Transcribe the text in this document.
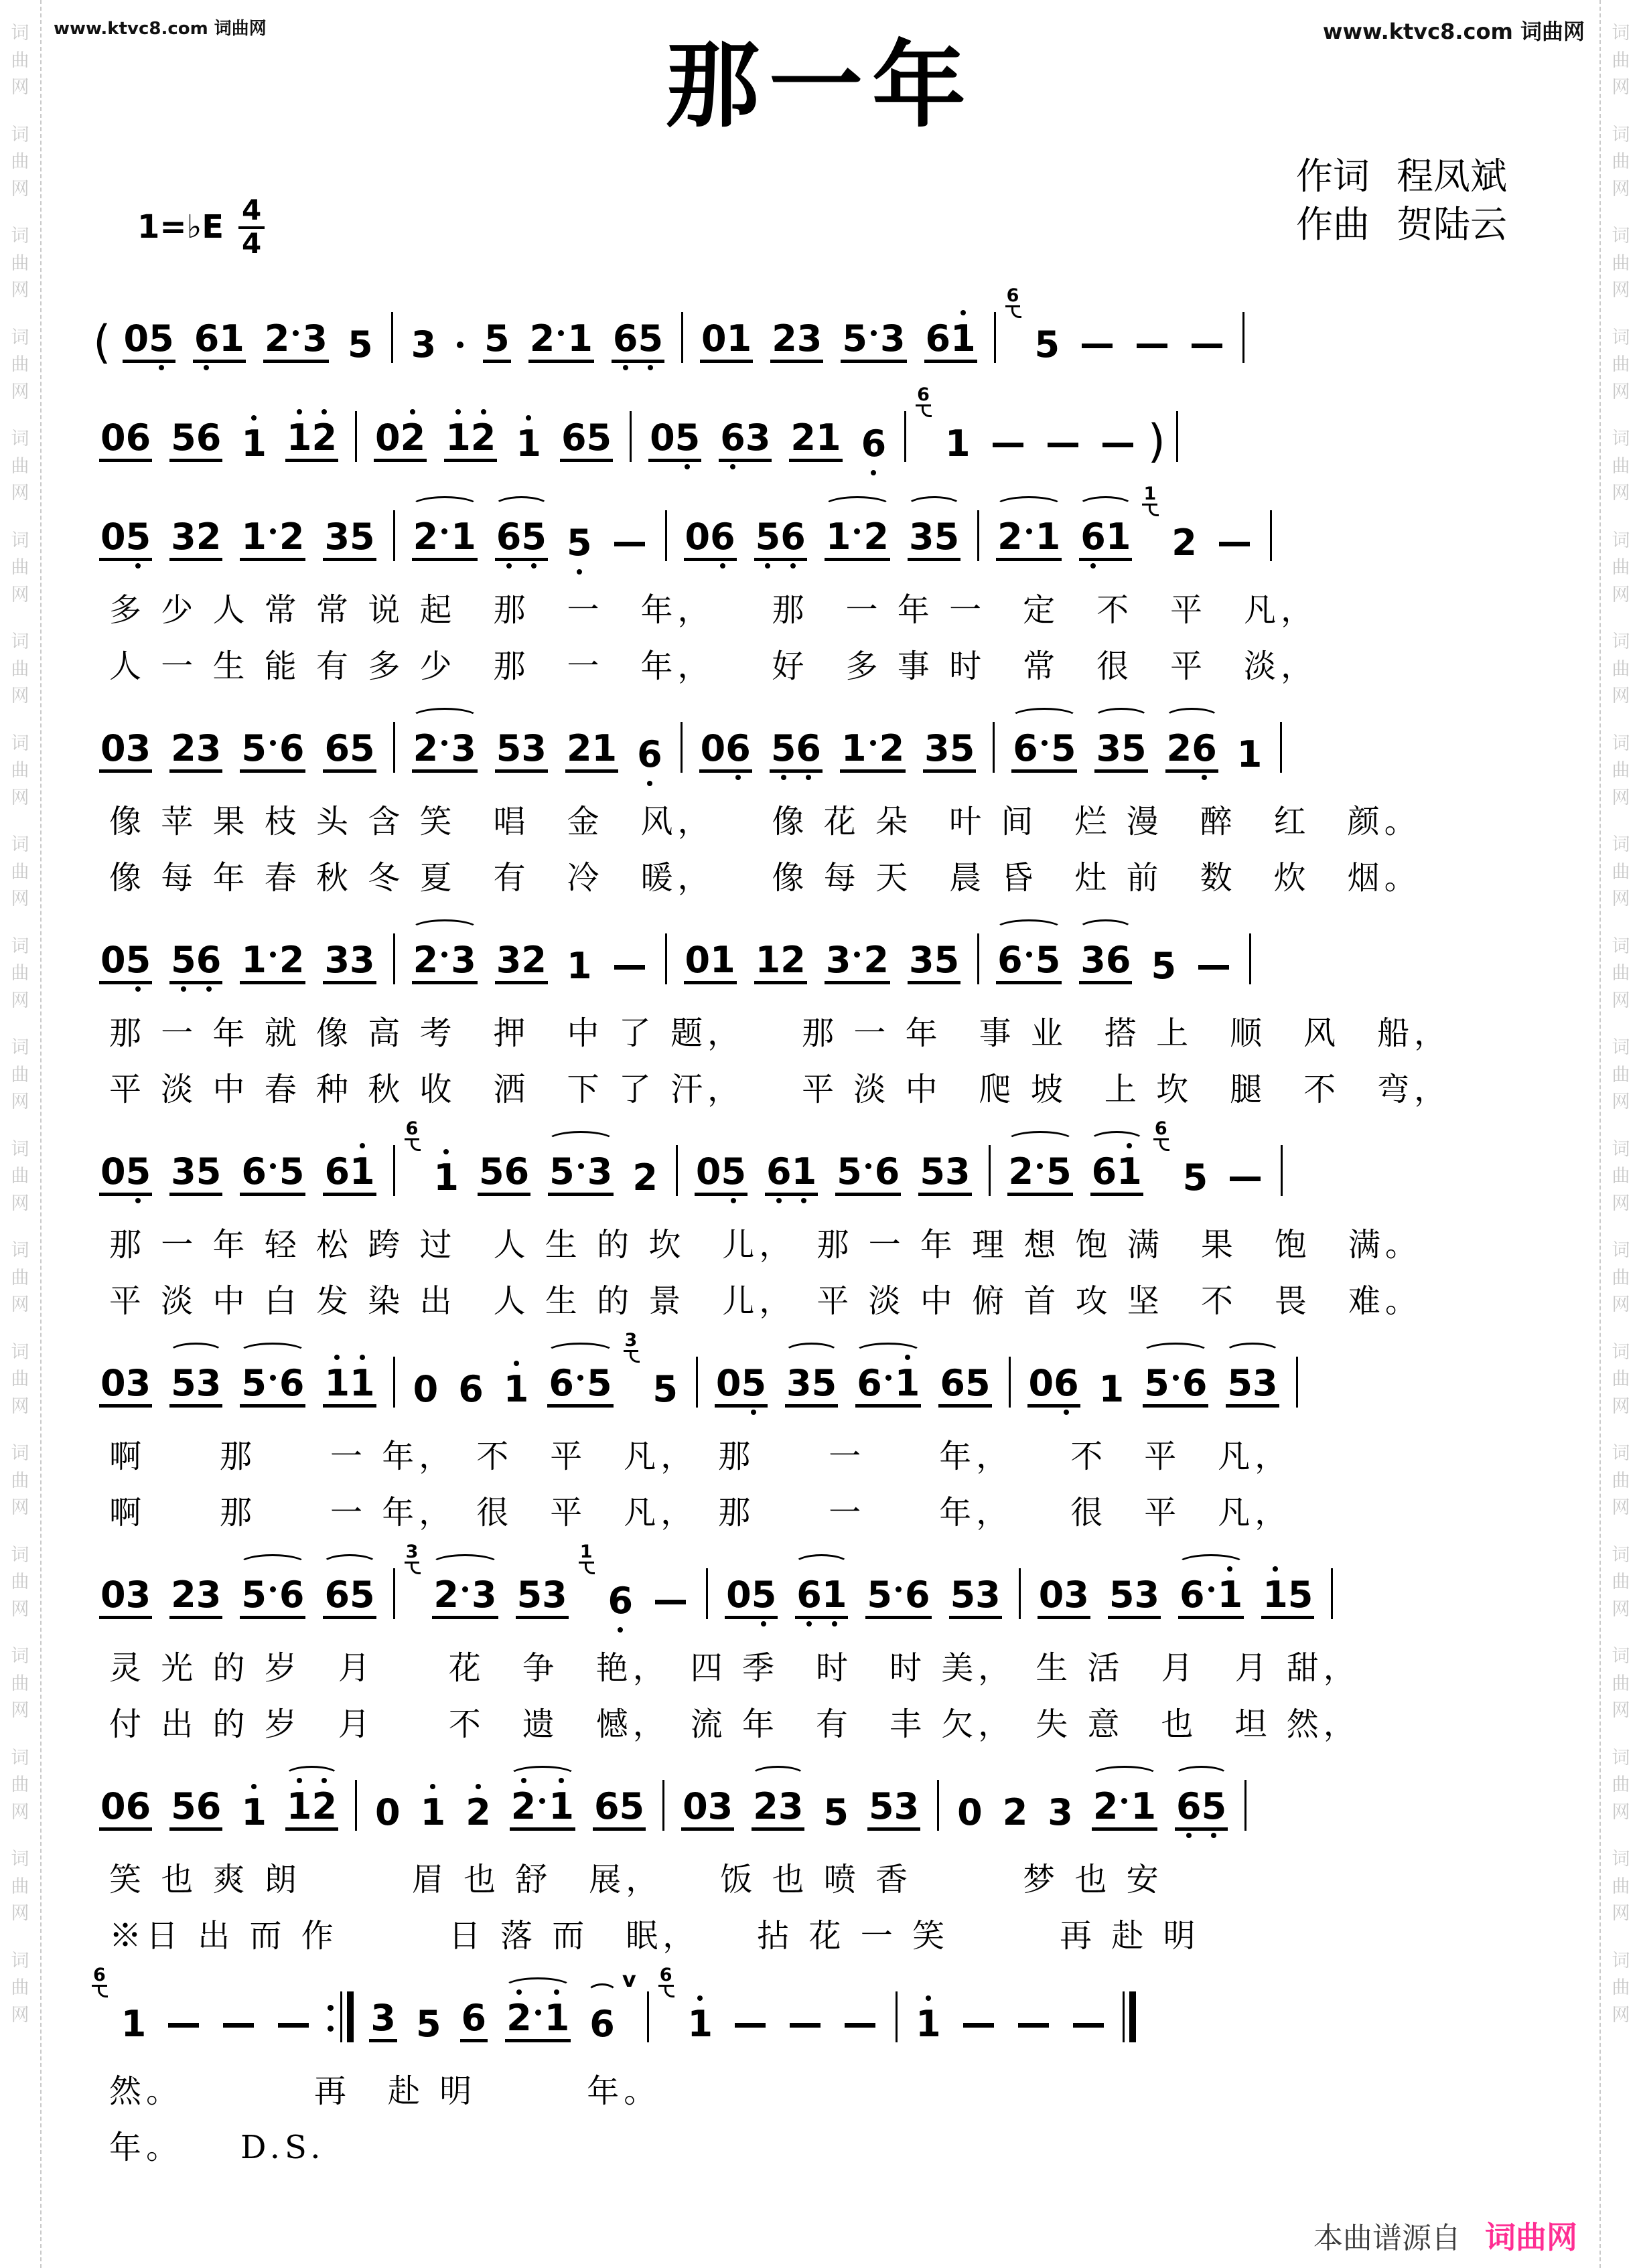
词
曲
网
词
曲
网
词
曲
网
词
曲
网
词
曲
网
词
曲
网
词
曲
网
词
曲
网
词
曲
网
词
曲
网
词
曲
网
词
曲
网
词
曲
网
词
曲
网
词
曲
网
词
曲
网
词
曲
网
词
曲
网
词
曲
网
词
曲
网
词
曲
网
词
曲
网
词
曲
网
词
曲
网
词
曲
网
词
曲
网
词
曲
网
词
曲
网
词
曲
网
词
曲
网
词
曲
网
词
曲
网
词
曲
网
词
曲
网
词
曲
网
词
曲
网
词
曲
网
词
曲
网
词
曲
网
词
曲
网
www.ktvc8.com 词曲网	www.ktvc8.com 词曲网
那一年
作词 程凤斌
作曲 贺陆云
1=♭E $\frac{4}{4}$
( 0 5 6 1 2 3 5 3 5 2 1 6 5 0 1 2 3 5 3 6 1
6
5
0 6 5 6 1 1 2 0 2 1 2 1 6 5 0 5 6 3 2 1 6
6
1	)
0 5 3 2 1 2 3 5 2 1 6 5 5	0 6 5 6 1 2 3 5 2 1 6 1
1
2
多 少 人 常 常 说 起　那　一　年，　　那　一 年 一　定　不　平　凡，
人 一 生 能 有 多 少　那　一　年，　　好　多 事 时　常　很　平　淡，
0 3 2 3 5 6 6 5 2 3 5 3 2 1 6 0 6 5 6 1 2 3 5 6 5 3 5 2 6 1
像 苹 果 枝 头 含 笑　唱　金　风，　　像 花 朵　叶 间　烂 漫　醉　红　颜。
像 每 年 春 秋 冬 夏　有　冷　暖，　　像 每 天　晨 昏　灶 前　数　炊　烟。
0 5 5 6 1 2 3 3 2 3 3 2 1	0 1 1 2 3 2 3 5 6 5 3 6 5
那 一 年 就 像 高 考　押　中 了 题，　　那 一 年　事 业　搭 上　顺　风　船，
平 淡 中 春 种 秋 收　洒　下 了 汗，　　平 淡 中　爬 坡　上 坎　腿　不　弯，
0 5 3 5 6 5 6 1
6
1 5 6 5 3 2 0 5 6 1 5 6 5 3 2 5 6 1
6
5
那 一 年 轻 松 跨 过　人 生 的 坎　儿，　那 一 年 理 想 饱 满　果　饱　满。
平 淡 中 白 发 染 出　人 生 的 景　儿，　平 淡 中 俯 首 攻 坚　不　畏　难。
0 3 5 3 5 6 1 1 0 6 1 6 5
3
5 0 5 3 5 6 1 6 5 0 6 1 5 6 5 3
啊　　那　　一 年，　不　平　凡，　那　　一　　年，　　不　平　凡，
啊　　那　　一 年，　很　平　凡，　那　　一　　年，　　很　平　凡，
0 3 2 3 5 6 6 5
3
2 3 5 3
1
6	0 5 6 1 5 6 5 3 0 3 5 3 6 1 1 5
灵 光 的 岁　月　　花　争　艳，　四 季　时　时 美，　生 活　月　月 甜，
付 出 的 岁　月　　不　遗　憾，　流 年　有　丰 欠，　失 意　也　坦 然，
0 6 5 6 1 1 2 0 1 2 2 1 6 5 0 3 2 3 5 5 3 0 2 3 2 1 6 5
笑 也 爽 朗　　　眉 也 舒　展，　　饭 也 喷 香　　　梦 也 安
※日 出 而 作　　　日 落 而　眠，　　拈 花 一 笑　　　再 赴 明
6
1	3 5 6 2 1 6
v 6
1	1
然。　　　　再　赴 明　　　年。
年。　　D.S.
本曲谱源自 词曲网
